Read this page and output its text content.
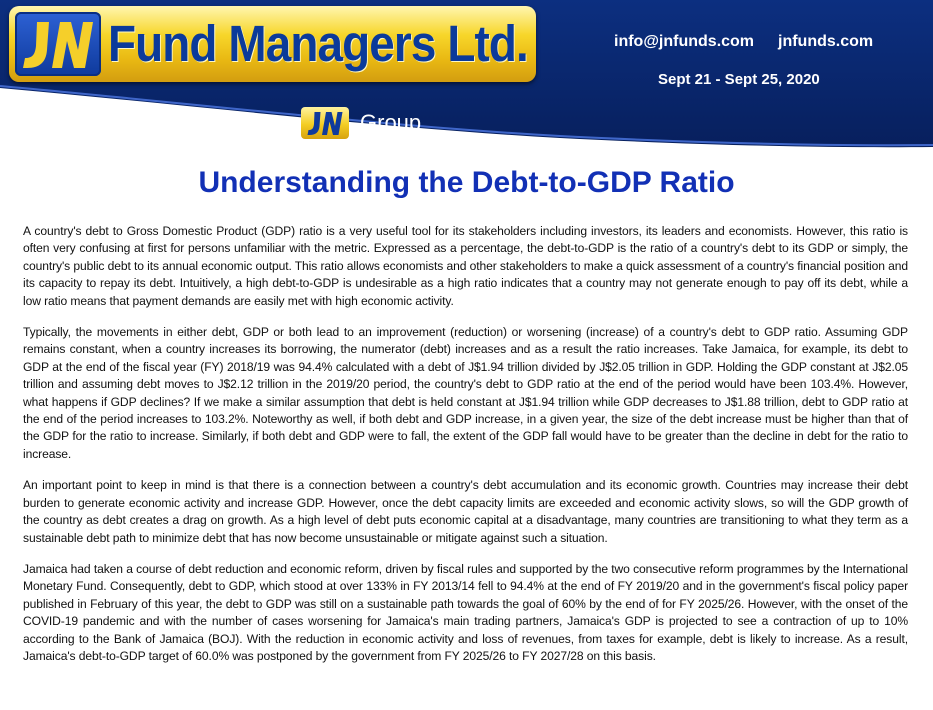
Fund Managers Ltd.	info@jnfunds.com jnfunds.com
Sept 21 - Sept 25, 2020
A member of the	Group
Understanding the Debt-to-GDP Ratio

A country's debt to Gross Domestic Product (GDP) ratio is a very useful tool for its stakeholders including investors, its leaders and economists. However, this ratio is often very confusing at first for persons unfamiliar with the metric. Expressed as a percentage, the debt-to-GDP is the ratio of a country's debt to its GDP or simply, the country's public debt to its annual economic output. This ratio allows economists and other stakeholders to make a quick assessment of a country's financial position and its capacity to repay its debt. Intuitively, a high debt-to-GDP is undesirable as a high ratio indicates that a country may not generate enough to pay off its debt, while a low ratio means that payment demands are easily met with high economic activity.

Typically, the movements in either debt, GDP or both lead to an improvement (reduction) or worsening (increase) of a country's debt to GDP ratio. Assuming GDP remains constant, when a country increases its borrowing, the numerator (debt) increases and as a result the ratio increases. Take Jamaica, for example, its debt to GDP at the end of the fiscal year (FY) 2018/19 was 94.4% calculated with a debt of J$1.94 trillion divided by J$2.05 trillion in GDP. Holding the GDP constant at J$2.05 trillion and assuming debt moves to J$2.12 trillion in the 2019/20 period, the country's debt to GDP ratio at the end of the period would have been 103.4%. However, what happens if GDP declines? If we make a similar assumption that debt is held constant at J$1.94 trillion while GDP decreases to J$1.88 trillion, debt to GDP ratio at the end of the period increases to 103.2%. Noteworthy as well, if both debt and GDP increase, in a given year, the size of the debt increase must be higher than that of the GDP for the ratio to increase. Similarly, if both debt and GDP were to fall, the extent of the GDP fall would have to be greater than the decline in debt for the ratio to increase.

An important point to keep in mind is that there is a connection between a country's debt accumulation and its economic growth. Countries may increase their debt burden to generate economic activity and increase GDP. However, once the debt capacity limits are exceeded and economic activity slows, so will the GDP growth of the country as debt creates a drag on growth. As a high level of debt puts economic capital at a disadvantage, many countries are transitioning to what they term as a sustainable debt path to minimize debt that has now become unsustainable or mitigate against such a situation.

Jamaica had taken a course of debt reduction and economic reform, driven by fiscal rules and supported by the two consecutive reform programmes by the International Monetary Fund. Consequently, debt to GDP, which stood at over 133% in FY 2013/14 fell to 94.4% at the end of FY 2019/20 and in the government's fiscal policy paper published in February of this year, the debt to GDP was still on a sustainable path towards the goal of 60% by the end of for FY 2025/26. However, with the onset of the COVID-19 pandemic and with the number of cases worsening for Jamaica's main trading partners, Jamaica's GDP is projected to see a contraction of up to 10% according to the Bank of Jamaica (BOJ). With the reduction in economic activity and loss of revenues, from taxes for example, debt is likely to increase. As a result, Jamaica's debt-to-GDP target of 60.0% was postponed by the government from FY 2025/26 to FY 2027/28 on this basis.
